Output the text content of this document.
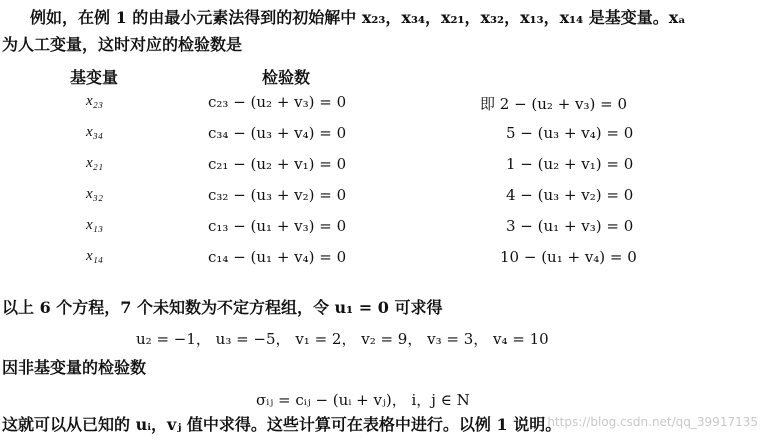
例如，在例 1 的由最小元素法得到的初始解中 x₂₃，x₃₄，x₂₁，x₃₂，x₁₃，x₁₄ 是基变量。xₐ
为人工变量，这时对应的检验数是
基变量	检验数
x₂₃	c₂₃ − (u₂ + v₃) = 0	即 2 − (u₂ + v₃) = 0
x₃₄	c₃₄ − (u₃ + v₄) = 0	5 − (u₃ + v₄) = 0
x₂₁	c₂₁ − (u₂ + v₁) = 0	1 − (u₂ + v₁) = 0
x₃₂	c₃₂ − (u₃ + v₂) = 0	4 − (u₃ + v₂) = 0
x₁₃	c₁₃ − (u₁ + v₃) = 0	3 − (u₁ + v₃) = 0
x₁₄	c₁₄ − (u₁ + v₄) = 0	10 − (u₁ + v₄) = 0
以上 6 个方程，7 个未知数为不定方程组，令 u₁ = 0 可求得
u₂ = −1， u₃ = −5， v₁ = 2， v₂ = 9， v₃ = 3， v₄ = 10
因非基变量的检验数
σᵢⱼ = cᵢⱼ − (uᵢ + vⱼ)， i，j ∈ N
这就可以从已知的 uᵢ，vⱼ 值中求得。这些计算可在表格中进行。以例 1 说明。
https://blog.csdn.net/qq_39917135
